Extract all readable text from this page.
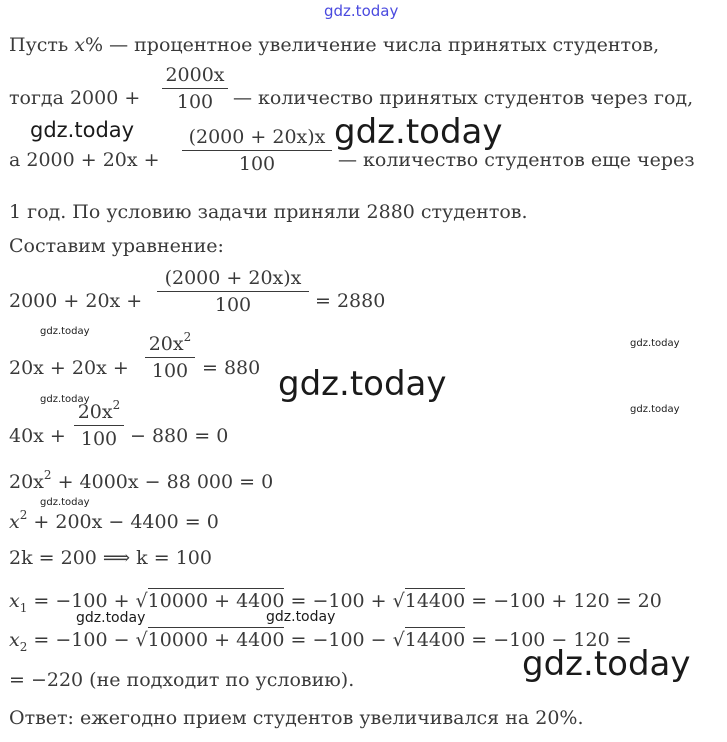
gdz.today
gdz.today	gdz.today
gdz.today
gdz.today
gdz.today
gdz.today
gdz.today
gdz.today
gdz.today
gdz.today	gdz.today
Пусть x% — процентное увеличение числа принятых студентов,
тогда $2000 + \frac{2000x}{100}$ — количество принятых студентов через год,
а $2000 + 20x + \frac{(2000 + 20x)x}{100}$ — количество студентов еще через
1 год. По условию задачи приняли 2880 студентов.
Составим уравнение:
$2000 + 20x + \frac{(2000 + 20x)x}{100} = 2880$
$20x + 20x + \frac{20x^2}{100} = 880$
$40x + \frac{20x^2}{100} - 880 = 0$
$20x^2 + 4000x - 88$ 000 = 0
$x^2 + 200x - 4400 = 0$
2k = 200 ⟹ k = 100
$x_1 = -100 + √10000 + 4400 = -100 + √14400 = -100 + 120 = 20$
$x_2 = -100 - √10000 + 4400 = -100 - √14400 = -100 - 120$ =
= −220 (не подходит по условию).
Ответ: ежегодно прием студентов увеличивался на 20%.
